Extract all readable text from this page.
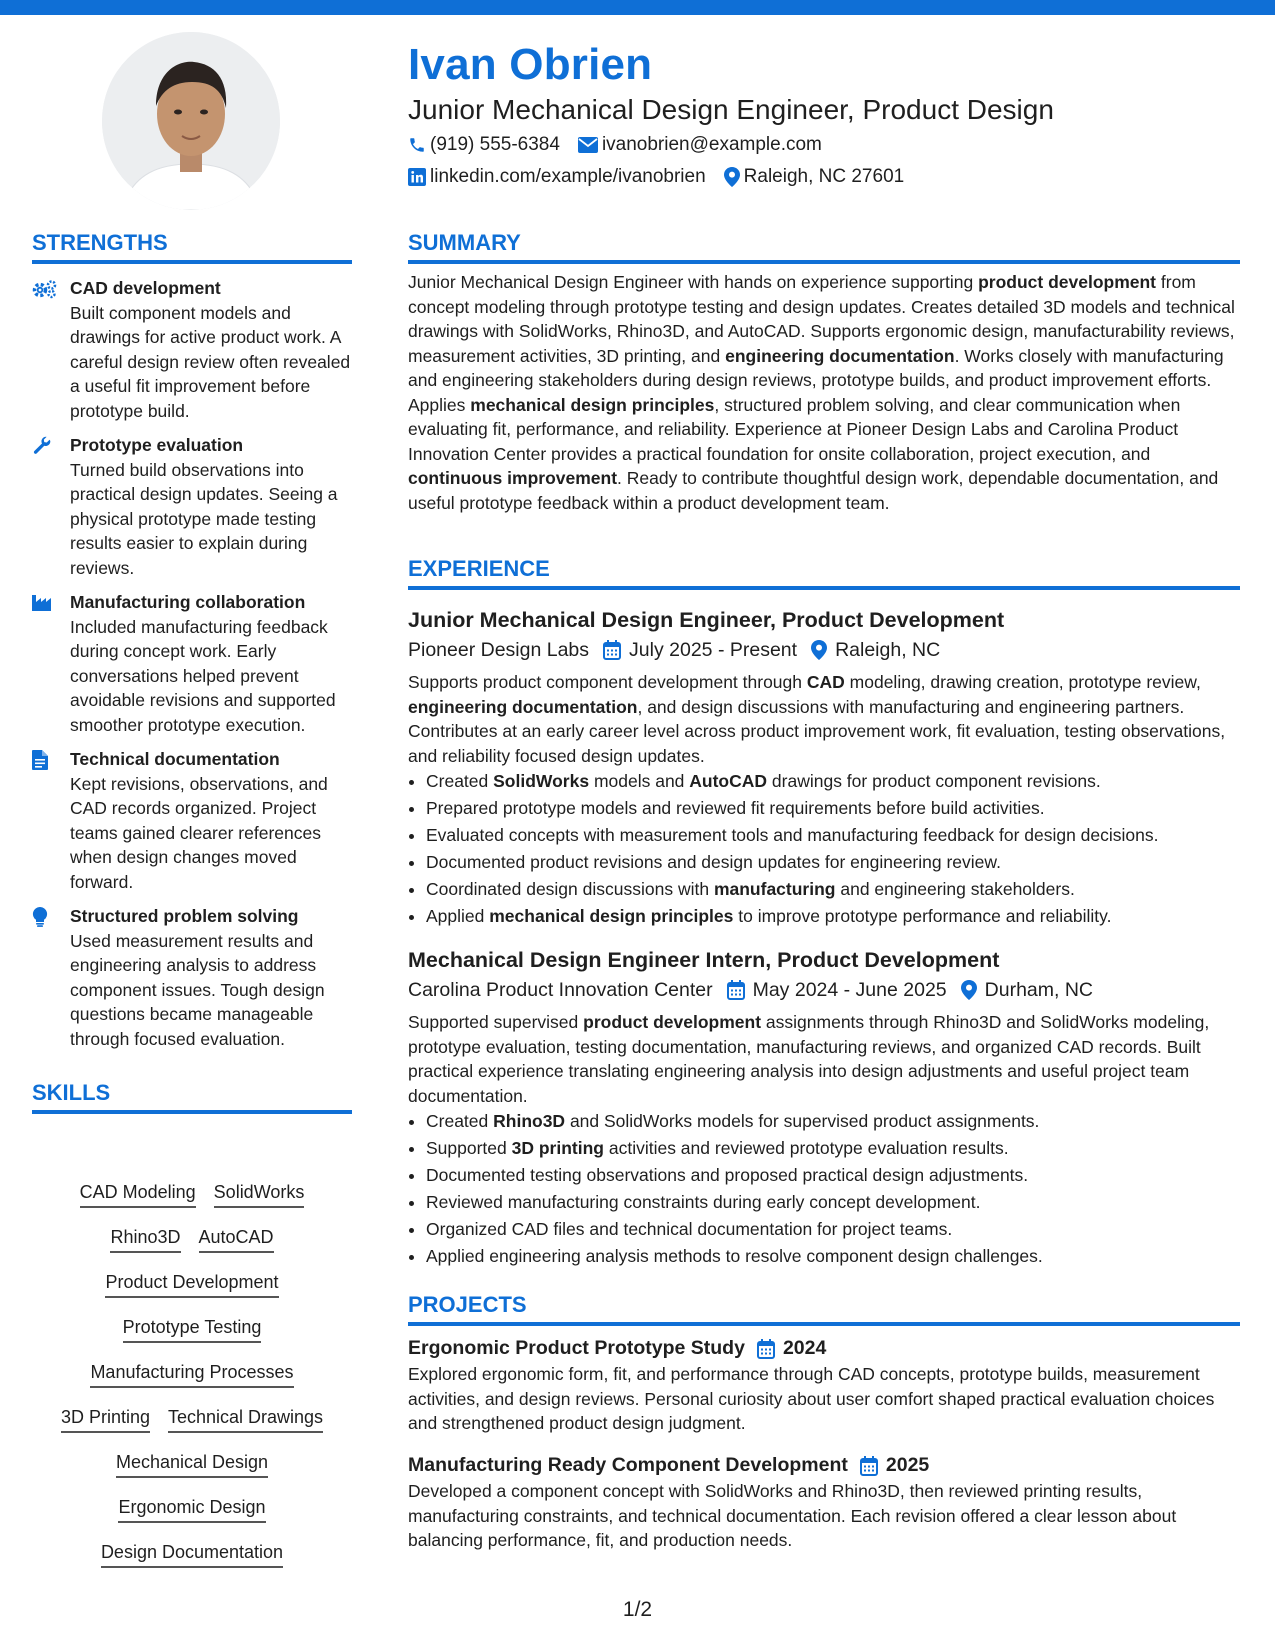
Ivan Obrien
Junior Mechanical Design Engineer, Product Design
(919) 555-6384 ivanobrien@example.com
linkedin.com/example/ivanobrien Raleigh, NC 27601
STRENGTHS
CAD development
Built component models and drawings for active product work. A careful design review often revealed a useful fit improvement before prototype build.
Prototype evaluation
Turned build observations into practical design updates. Seeing a physical prototype made testing results easier to explain during reviews.
Manufacturing collaboration
Included manufacturing feedback during concept work. Early conversations helped prevent avoidable revisions and supported smoother prototype execution.
Technical documentation
Kept revisions, observations, and CAD records organized. Project teams gained clearer references when design changes moved forward.
Structured problem solving
Used measurement results and engineering analysis to address component issues. Tough design questions became manageable through focused evaluation.
SKILLS
CAD Modeling SolidWorks
Rhino3D AutoCAD
Product Development
Prototype Testing
Manufacturing Processes
3D Printing Technical Drawings
Mechanical Design
Ergonomic Design
Design Documentation
SUMMARY
Junior Mechanical Design Engineer with hands on experience supporting product development from concept modeling through prototype testing and design updates. Creates detailed 3D models and technical drawings with SolidWorks, Rhino3D, and AutoCAD. Supports ergonomic design, manufacturability reviews, measurement activities, 3D printing, and engineering documentation. Works closely with manufacturing and engineering stakeholders during design reviews, prototype builds, and product improvement efforts. Applies mechanical design principles, structured problem solving, and clear communication when evaluating fit, performance, and reliability. Experience at Pioneer Design Labs and Carolina Product Innovation Center provides a practical foundation for onsite collaboration, project execution, and continuous improvement. Ready to contribute thoughtful design work, dependable documentation, and useful prototype feedback within a product development team.
EXPERIENCE
Junior Mechanical Design Engineer, Product Development
Pioneer Design Labs July 2025 - Present Raleigh, NC
Supports product component development through CAD modeling, drawing creation, prototype review, engineering documentation, and design discussions with manufacturing and engineering partners. Contributes at an early career level across product improvement work, fit evaluation, testing observations, and reliability focused design updates.
• Created SolidWorks models and AutoCAD drawings for product component revisions.
• Prepared prototype models and reviewed fit requirements before build activities.
• Evaluated concepts with measurement tools and manufacturing feedback for design decisions.
• Documented product revisions and design updates for engineering review.
• Coordinated design discussions with manufacturing and engineering stakeholders.
• Applied mechanical design principles to improve prototype performance and reliability.
Mechanical Design Engineer Intern, Product Development
Carolina Product Innovation Center May 2024 - June 2025 Durham, NC
Supported supervised product development assignments through Rhino3D and SolidWorks modeling, prototype evaluation, testing documentation, manufacturing reviews, and organized CAD records. Built practical experience translating engineering analysis into design adjustments and useful project team documentation.
• Created Rhino3D and SolidWorks models for supervised product assignments.
• Supported 3D printing activities and reviewed prototype evaluation results.
• Documented testing observations and proposed practical design adjustments.
• Reviewed manufacturing constraints during early concept development.
• Organized CAD files and technical documentation for project teams.
• Applied engineering analysis methods to resolve component design challenges.
PROJECTS
Ergonomic Product Prototype Study 2024
Explored ergonomic form, fit, and performance through CAD concepts, prototype builds, measurement activities, and design reviews. Personal curiosity about user comfort shaped practical evaluation choices and strengthened product design judgment.
Manufacturing Ready Component Development 2025
Developed a component concept with SolidWorks and Rhino3D, then reviewed printing results, manufacturing constraints, and technical documentation. Each revision offered a clear lesson about balancing performance, fit, and production needs.
1/2
